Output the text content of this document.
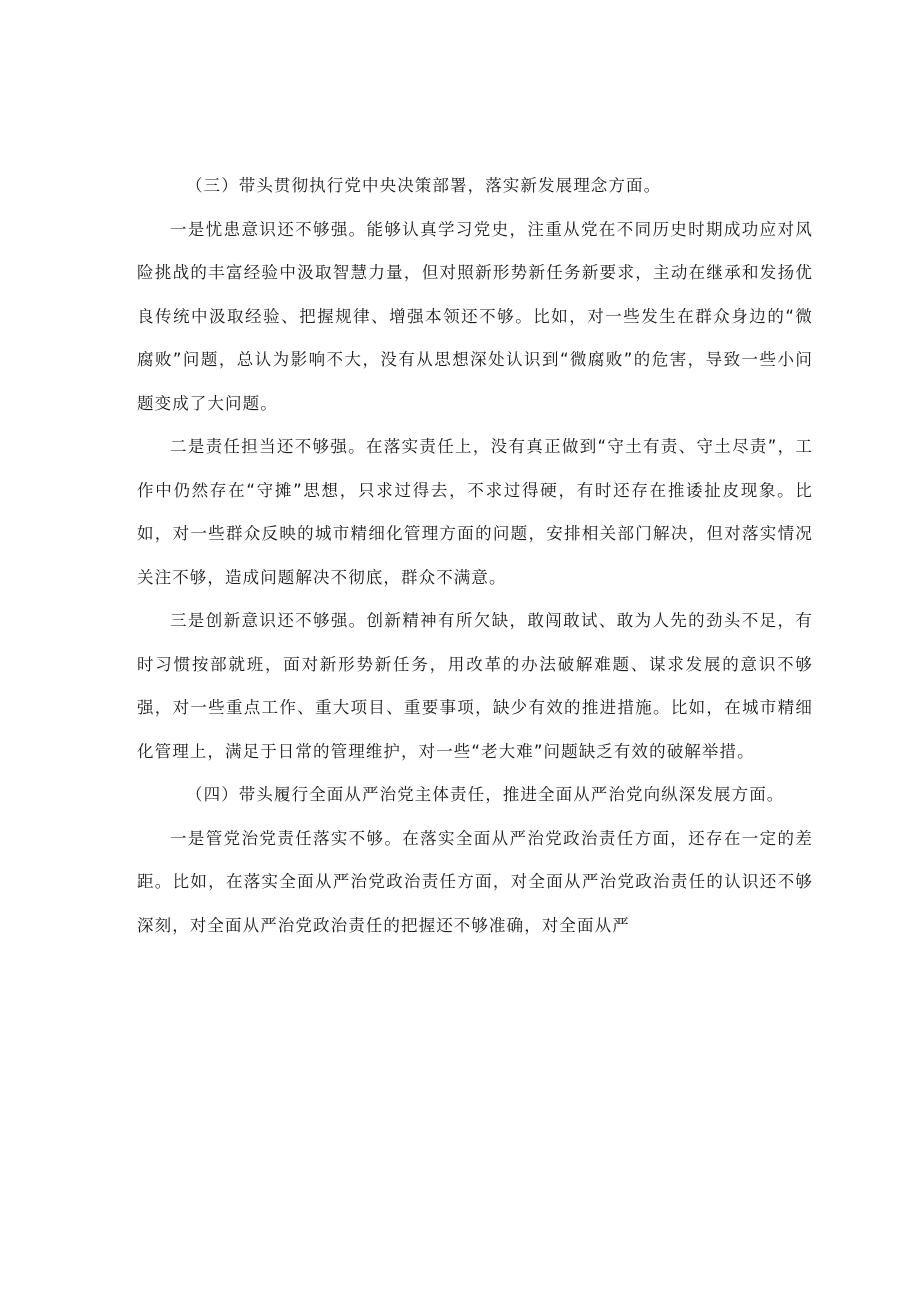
（三）带头贯彻执行党中央决策部署，落实新发展理念方面。

一是忧患意识还不够强。能够认真学习党史，注重从党在不同历史时期成功应对风险挑战的丰富经验中汲取智慧力量，但对照新形势新任务新要求，主动在继承和发扬优良传统中汲取经验、把握规律、增强本领还不够。比如，对一些发生在群众身边的“微腐败”问题，总认为影响不大，没有从思想深处认识到“微腐败”的危害，导致一些小问题变成了大问题。

二是责任担当还不够强。在落实责任上，没有真正做到“守土有责、守土尽责”，工作中仍然存在“守摊”思想，只求过得去，不求过得硬，有时还存在推诿扯皮现象。比如，对一些群众反映的城市精细化管理方面的问题，安排相关部门解决，但对落实情况关注不够，造成问题解决不彻底，群众不满意。

三是创新意识还不够强。创新精神有所欠缺，敢闯敢试、敢为人先的劲头不足，有时习惯按部就班，面对新形势新任务，用改革的办法破解难题、谋求发展的意识不够强，对一些重点工作、重大项目、重要事项，缺少有效的推进措施。比如，在城市精细化管理上，满足于日常的管理维护，对一些“老大难”问题缺乏有效的破解举措。

（四）带头履行全面从严治党主体责任，推进全面从严治党向纵深发展方面。

一是管党治党责任落实不够。在落实全面从严治党政治责任方面，还存在一定的差距。比如，在落实全面从严治党政治责任方面，对全面从严治党政治责任的认识还不够深刻，对全面从严治党政治责任的把握还不够准确，对全面从严
